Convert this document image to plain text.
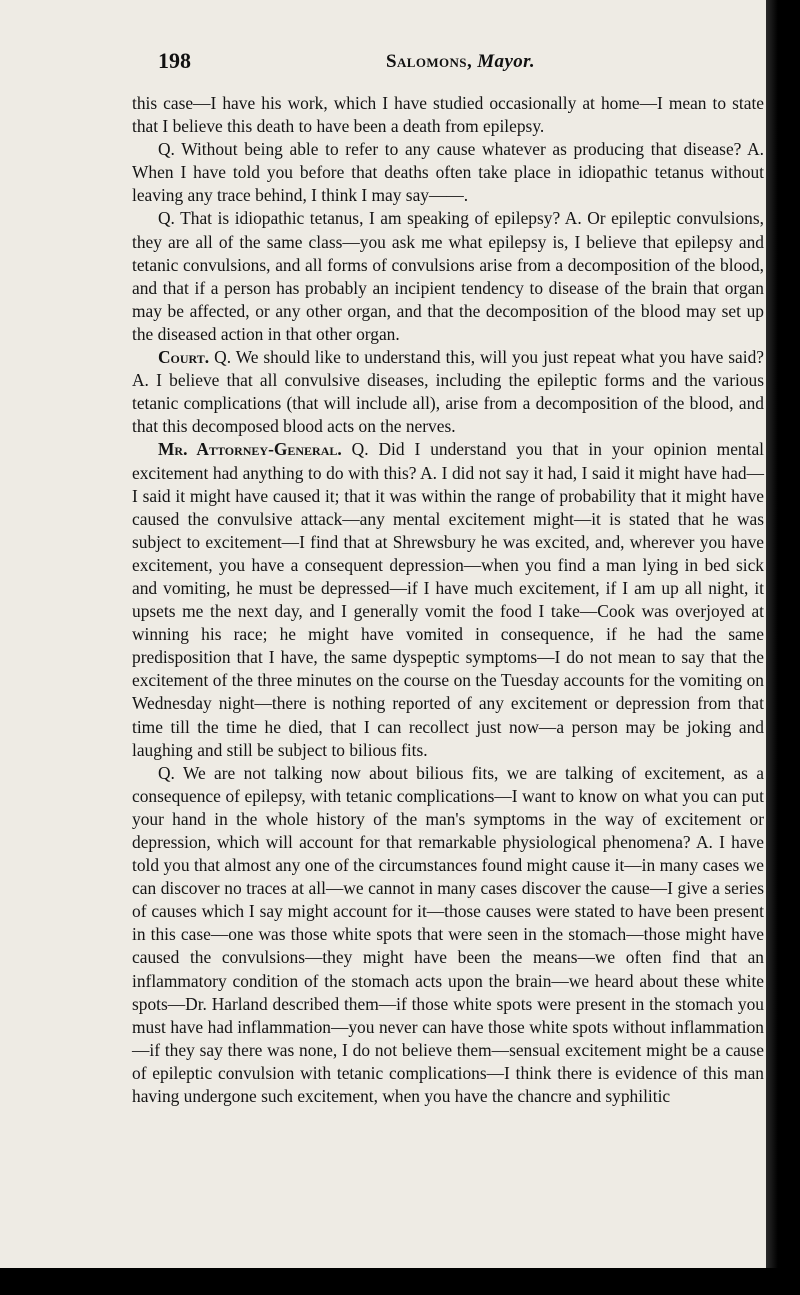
198	Salomons, Mayor.

this case—I have his work, which I have studied occasionally at home—I mean to state that I believe this death to have been a death from epilepsy.

Q. Without being able to refer to any cause whatever as producing that disease? A. When I have told you before that deaths often take place in idiopathic tetanus without leaving any trace behind, I think I may say——.

Q. That is idiopathic tetanus, I am speaking of epilepsy? A. Or epileptic convulsions, they are all of the same class—you ask me what epilepsy is, I believe that epilepsy and tetanic convulsions, and all forms of convulsions arise from a decomposition of the blood, and that if a person has probably an incipient tendency to disease of the brain that organ may be affected, or any other organ, and that the decomposition of the blood may set up the diseased action in that other organ.

Court. Q. We should like to understand this, will you just repeat what you have said? A. I believe that all convulsive diseases, including the epileptic forms and the various tetanic complications (that will include all), arise from a decomposition of the blood, and that this decomposed blood acts on the nerves.

Mr. Attorney-General. Q. Did I understand you that in your opinion mental excitement had anything to do with this? A. I did not say it had, I said it might have had—I said it might have caused it; that it was within the range of probability that it might have caused the convulsive attack—any mental excitement might—it is stated that he was subject to excitement—I find that at Shrewsbury he was excited, and, wherever you have excitement, you have a consequent depression—when you find a man lying in bed sick and vomiting, he must be depressed—if I have much excitement, if I am up all night, it upsets me the next day, and I generally vomit the food I take—Cook was overjoyed at winning his race; he might have vomited in consequence, if he had the same predisposition that I have, the same dyspeptic symptoms—I do not mean to say that the excitement of the three minutes on the course on the Tuesday accounts for the vomiting on Wednesday night—there is nothing reported of any excitement or depression from that time till the time he died, that I can recollect just now—a person may be joking and laughing and still be subject to bilious fits.

Q. We are not talking now about bilious fits, we are talking of excitement, as a consequence of epilepsy, with tetanic complications—I want to know on what you can put your hand in the whole history of the man's symptoms in the way of excitement or depression, which will account for that remarkable physiological phenomena? A. I have told you that almost any one of the circumstances found might cause it—in many cases we can discover no traces at all—we cannot in many cases discover the cause—I give a series of causes which I say might account for it—those causes were stated to have been present in this case—one was those white spots that were seen in the stomach—those might have caused the convulsions—they might have been the means—we often find that an inflammatory condition of the stomach acts upon the brain—we heard about these white spots—Dr. Harland described them—if those white spots were present in the stomach you must have had inflammation—you never can have those white spots without inflammation—if they say there was none, I do not believe them—sensual excitement might be a cause of epileptic convulsion with tetanic complications—I think there is evidence of this man having undergone such excitement, when you have the chancre and syphilitic
